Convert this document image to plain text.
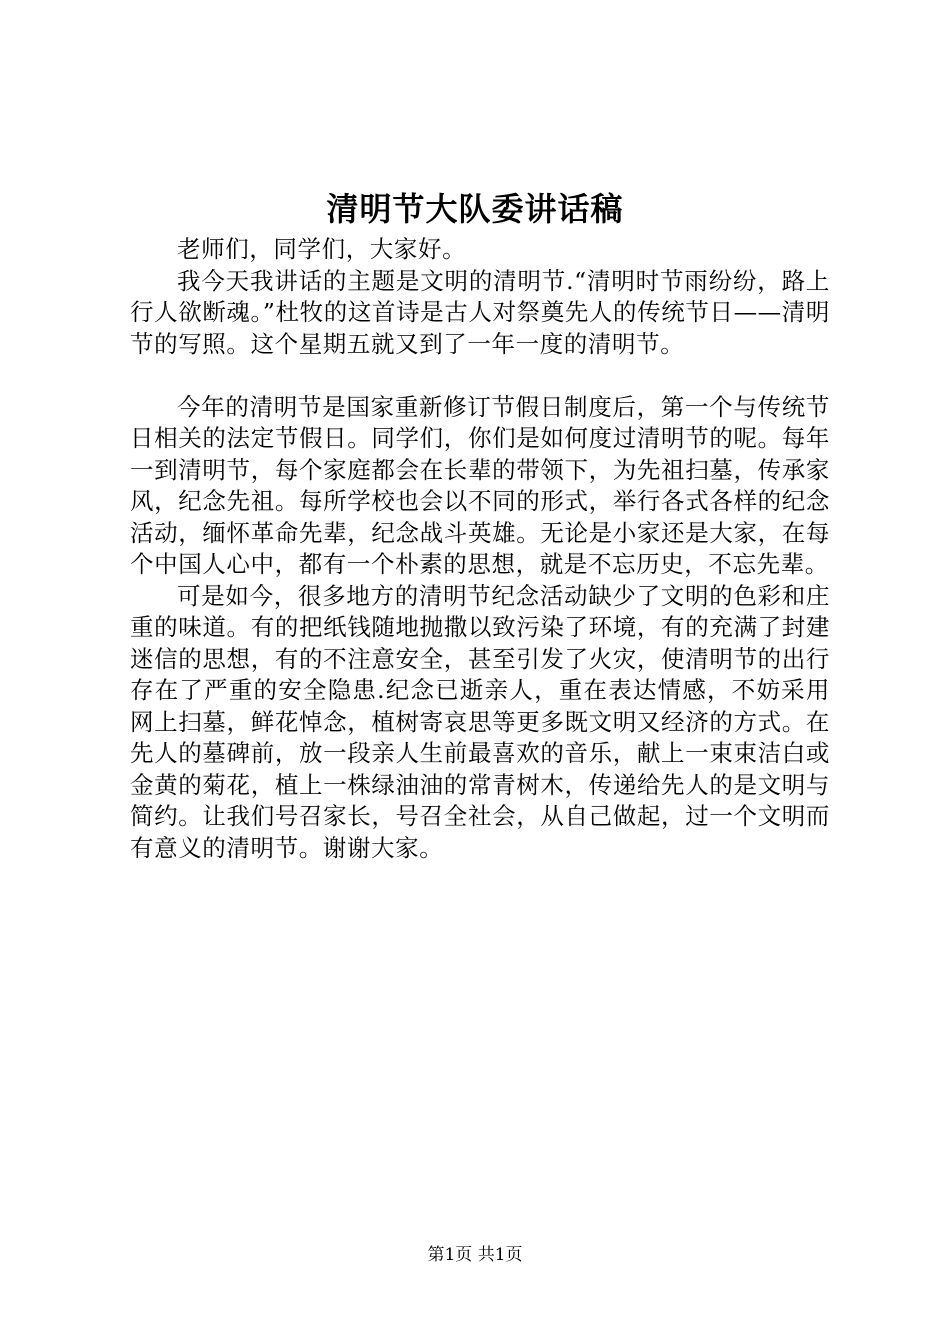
清明节大队委讲话稿

老师们，同学们，大家好。

我今天我讲话的主题是文明的清明节.“清明时节雨纷纷，路上行人欲断魂。”杜牧的这首诗是古人对祭奠先人的传统节日——清明节的写照。这个星期五就又到了一年一度的清明节。

今年的清明节是国家重新修订节假日制度后，第一个与传统节日相关的法定节假日。同学们，你们是如何度过清明节的呢。每年一到清明节，每个家庭都会在长辈的带领下，为先祖扫墓，传承家风，纪念先祖。每所学校也会以不同的形式，举行各式各样的纪念活动，缅怀革命先辈，纪念战斗英雄。无论是小家还是大家，在每个中国人心中，都有一个朴素的思想，就是不忘历史，不忘先辈。

可是如今，很多地方的清明节纪念活动缺少了文明的色彩和庄重的味道。有的把纸钱随地抛撒以致污染了环境，有的充满了封建迷信的思想，有的不注意安全，甚至引发了火灾，使清明节的出行存在了严重的安全隐患.纪念已逝亲人，重在表达情感，不妨采用网上扫墓，鲜花悼念，植树寄哀思等更多既文明又经济的方式。在先人的墓碑前，放一段亲人生前最喜欢的音乐，献上一束束洁白或金黄的菊花，植上一株绿油油的常青树木，传递给先人的是文明与简约。让我们号召家长，号召全社会，从自己做起，过一个文明而有意义的清明节。谢谢大家。

第1页 共1页
